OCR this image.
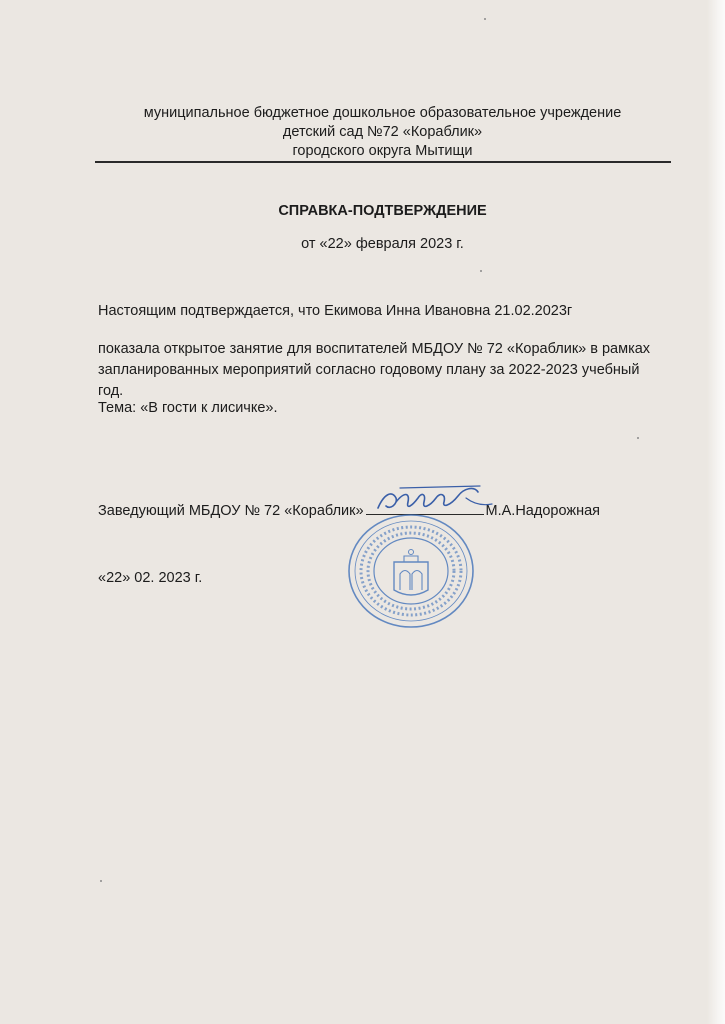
муниципальное бюджетное дошкольное образовательное учреждение
детский сад №72 «Кораблик»
городского округа Мытищи
СПРАВКА-ПОДТВЕРЖДЕНИЕ
от «22» февраля 2023 г.
Настоящим подтверждается, что Екимова Инна Ивановна 21.02.2023г
показала открытое занятие для воспитателей МБДОУ № 72 «Кораблик» в рамках
запланированных мероприятий согласно годовому плану за 2022-2023 учебный год.
Тема: «В гости к лисичке».
Заведующий МБДОУ № 72 «Кораблик»	М.А.Надорожная
«22» 02. 2023 г.
